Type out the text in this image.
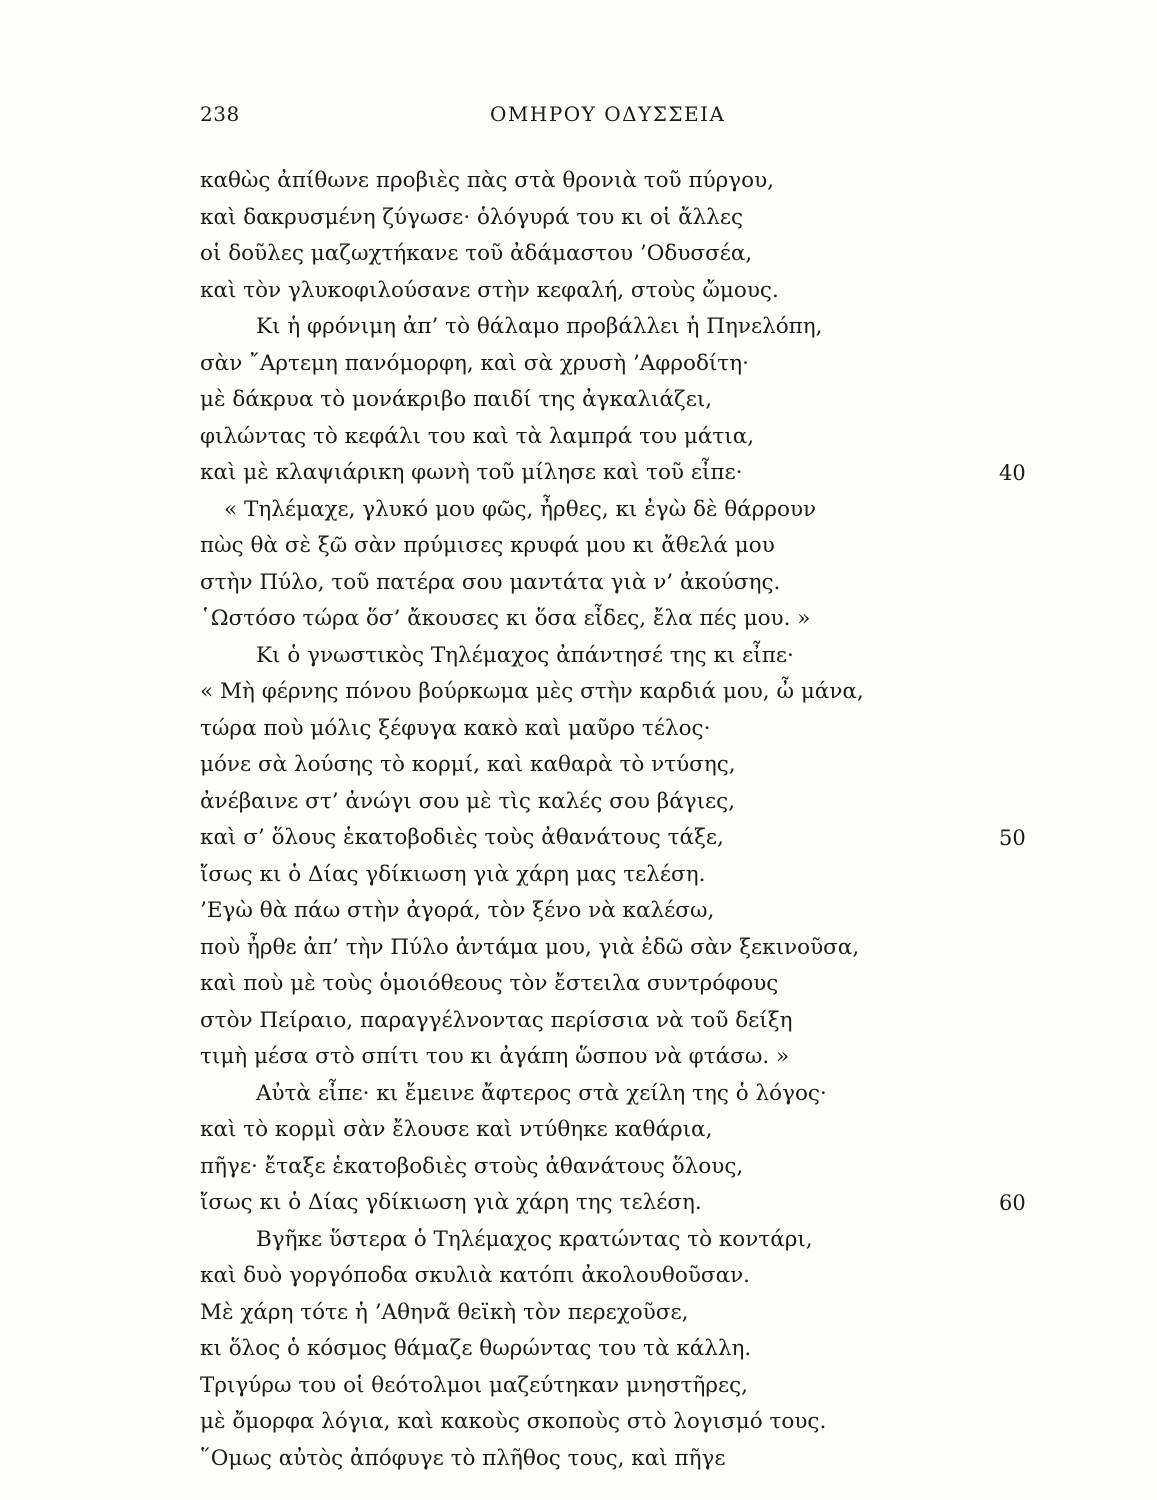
238	ΟΜΗΡΟΥ ΟΔΥΣΣΕΙΑ
καθὼς ἀπίθωνε προβιὲς πὰς στὰ θρονιὰ τοῦ πύργου,
καὶ δακρυσμένη ζύγωσε· ὁλόγυρά του κι οἱ ἄλλες
οἱ δοῦλες μαζωχτήκανε τοῦ ἀδάμαστου ’Οδυσσέα,
καὶ τὸν γλυκοφιλούσανε στὴν κεφαλή, στοὺς ὤμους.
Κι ἡ φρόνιμη ἀπ’ τὸ θάλαμο προβάλλει ἡ Πηνελόπη,
σὰν ῎Αρτεμη πανόμορφη, καὶ σὰ χρυσὴ ’Αφροδίτη·
μὲ δάκρυα τὸ μονάκριβο παιδί της ἀγκαλιάζει,
φιλώντας τὸ κεφάλι του καὶ τὰ λαμπρά του μάτια,
καὶ μὲ κλαψιάρικη φωνὴ τοῦ μίλησε καὶ τοῦ εἶπε·	40
« Τηλέμαχε, γλυκό μου φῶς, ἦρθες, κι ἐγὼ δὲ θάρρουν
πὼς θὰ σὲ ξῶ σὰν πρύμισες κρυφά μου κι ἄθελά μου
στὴν Πύλο, τοῦ πατέρα σου μαντάτα γιὰ ν’ ἀκούσης.
῾Ωστόσο τώρα ὅσ’ ἄκουσες κι ὅσα εἶδες, ἔλα πές μου. »
Κι ὁ γνωστικὸς Τηλέμαχος ἀπάντησέ της κι εἶπε·
« Μὴ φέρνης πόνου βούρκωμα μὲς στὴν καρδιά μου, ὦ μάνα,
τώρα ποὺ μόλις ξέφυγα κακὸ καὶ μαῦρο τέλος·
μόνε σὰ λούσης τὸ κορμί, καὶ καθαρὰ τὸ ντύσης,
ἀνέβαινε στ’ ἀνώγι σου μὲ τὶς καλές σου βάγιες,
καὶ σ’ ὅλους ἑκατοβοδιὲς τοὺς ἀθανάτους τάξε,	50
ἴσως κι ὁ Δίας γδίκιωση γιὰ χάρη μας τελέση.
’Εγὼ θὰ πάω στὴν ἀγορά, τὸν ξένο νὰ καλέσω,
ποὺ ἦρθε ἀπ’ τὴν Πύλο ἀντάμα μου, γιὰ ἐδῶ σὰν ξεκινοῦσα,
καὶ ποὺ μὲ τοὺς ὁμοιόθεους τὸν ἔστειλα συντρόφους
στὸν Πείραιο, παραγγέλνοντας περίσσια νὰ τοῦ δείξη
τιμὴ μέσα στὸ σπίτι του κι ἀγάπη ὥσπου νὰ φτάσω. »
Αὐτὰ εἶπε· κι ἔμεινε ἄφτερος στὰ χείλη της ὁ λόγος·
καὶ τὸ κορμὶ σὰν ἔλουσε καὶ ντύθηκε καθάρια,
πῆγε· ἔταξε ἑκατοβοδιὲς στοὺς ἀθανάτους ὅλους,
ἴσως κι ὁ Δίας γδίκιωση γιὰ χάρη της τελέση.	60
Βγῆκε ὕστερα ὁ Τηλέμαχος κρατώντας τὸ κοντάρι,
καὶ δυὸ γοργόποδα σκυλιὰ κατόπι ἀκολουθοῦσαν.
Μὲ χάρη τότε ἡ ’Αθηνᾶ θεϊκὴ τὸν περεχοῦσε,
κι ὅλος ὁ κόσμος θάμαζε θωρώντας του τὰ κάλλη.
Τριγύρω του οἱ θεότολμοι μαζεύτηκαν μνηστῆρες,
μὲ ὄμορφα λόγια, καὶ κακοὺς σκοποὺς στὸ λογισμό τους.
῞Ομως αὐτὸς ἀπόφυγε τὸ πλῆθος τους, καὶ πῆγε
